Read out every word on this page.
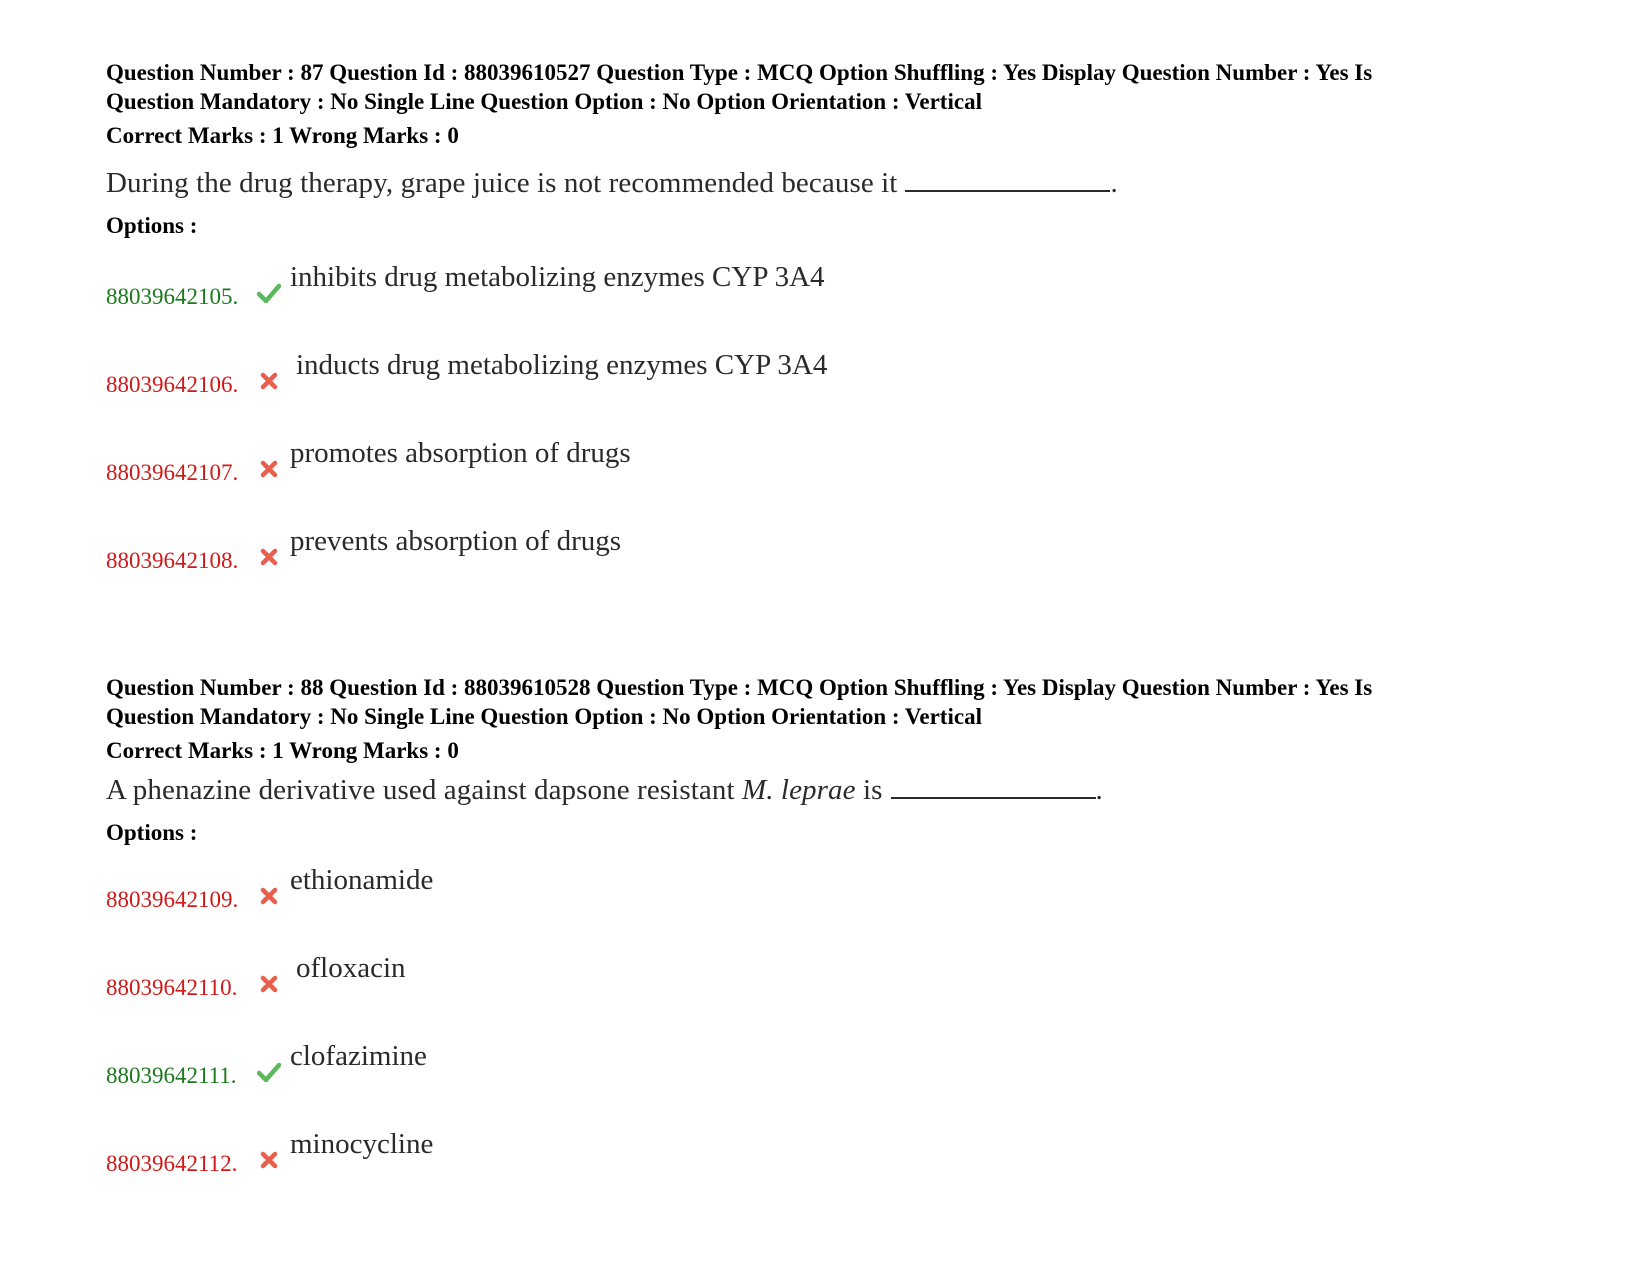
Question Number : 87 Question Id : 88039610527 Question Type : MCQ Option Shuffling : Yes Display Question Number : Yes Is
Question Mandatory : No Single Line Question Option : No Option Orientation : Vertical
Correct Marks : 1 Wrong Marks : 0
During the drug therapy, grape juice is not recommended because it	.
Options :
88039642105.
inhibits drug metabolizing enzymes CYP 3A4
88039642106.
inducts drug metabolizing enzymes CYP 3A4
88039642107.
promotes absorption of drugs
88039642108.
prevents absorption of drugs
Question Number : 88 Question Id : 88039610528 Question Type : MCQ Option Shuffling : Yes Display Question Number : Yes Is
Question Mandatory : No Single Line Question Option : No Option Orientation : Vertical
Correct Marks : 1 Wrong Marks : 0
A phenazine derivative used against dapsone resistant M. leprae is	.
Options :
88039642109.
ethionamide
88039642110.
ofloxacin
88039642111.
clofazimine
88039642112.
minocycline
